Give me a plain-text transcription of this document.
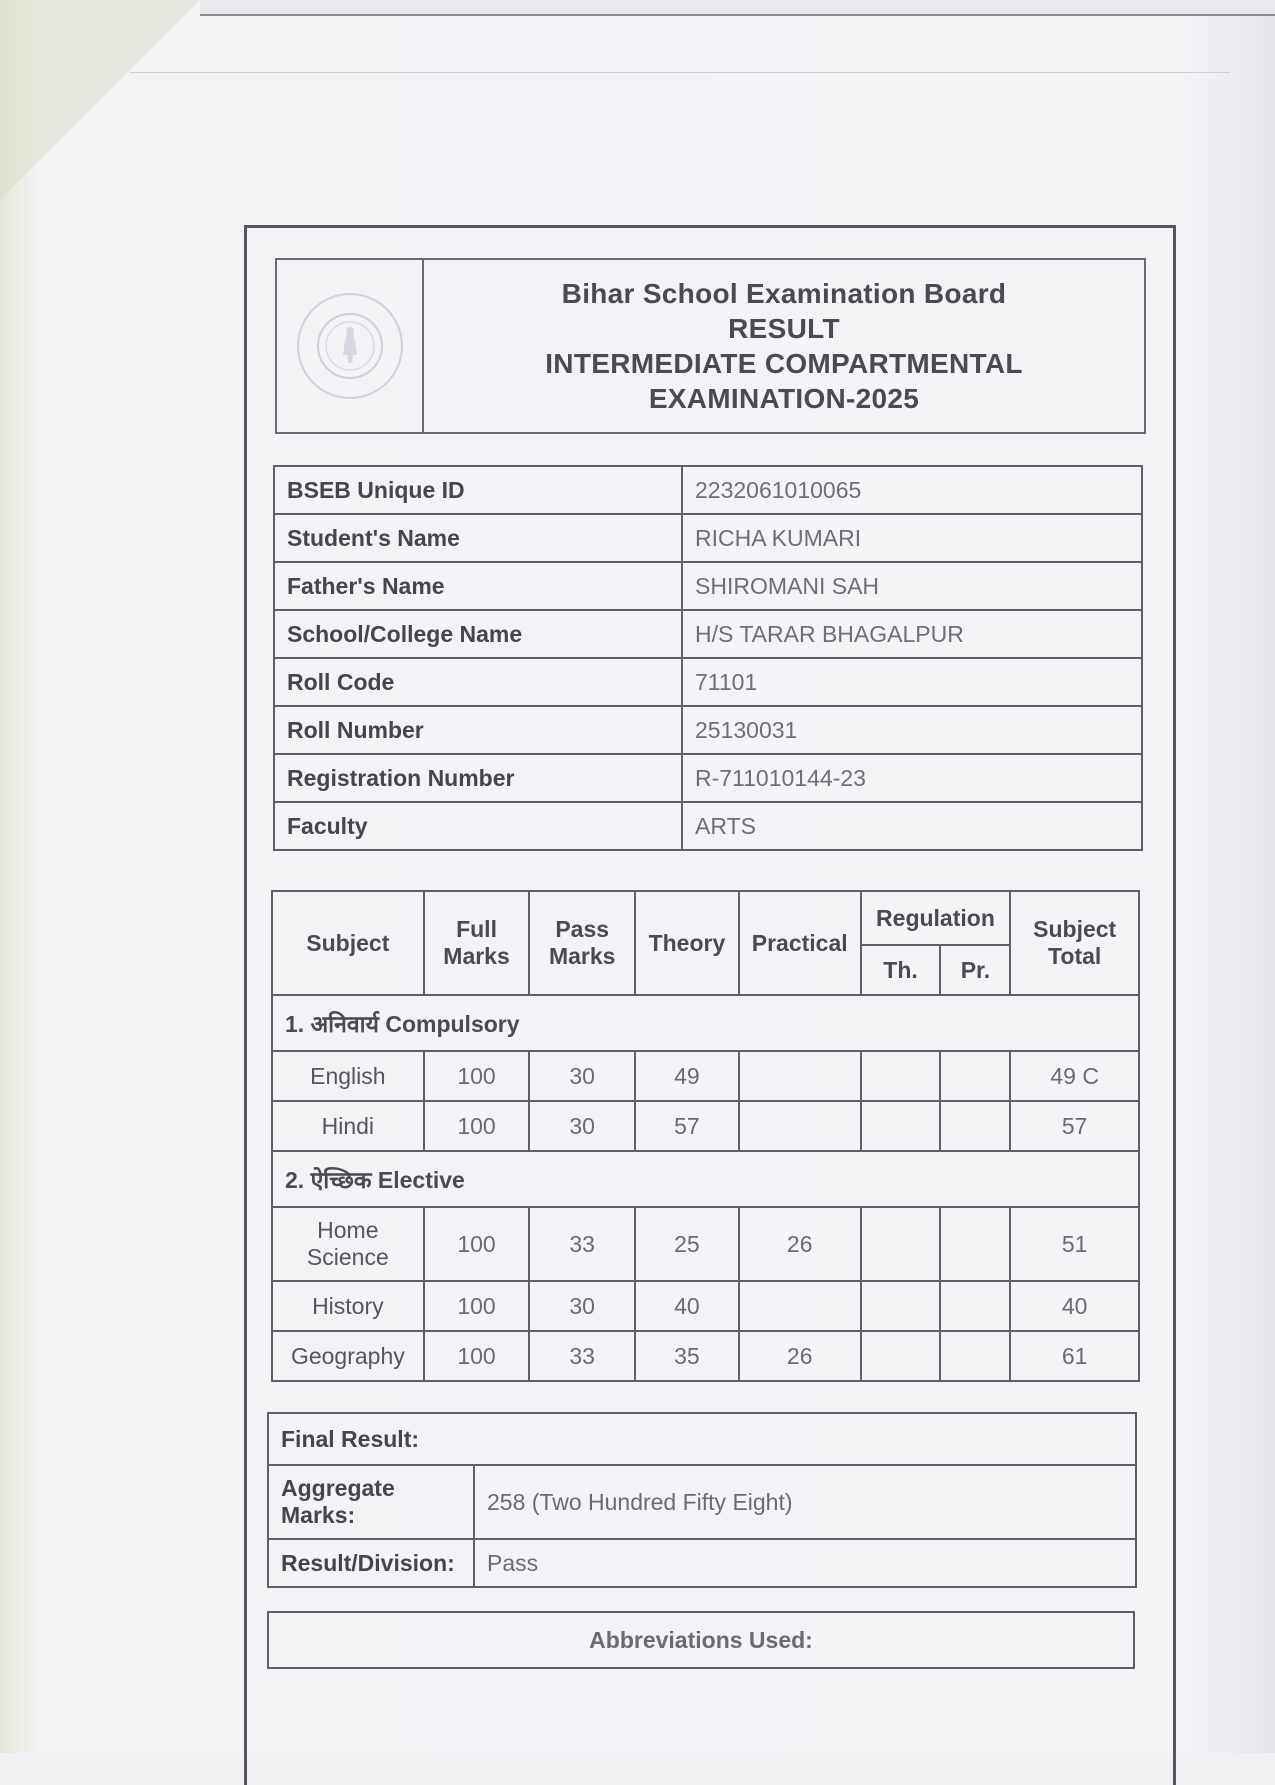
Bihar School Examination Board
RESULT
INTERMEDIATE COMPARTMENTAL
EXAMINATION-2025
BSEB Unique ID	2232061010065
Student's Name	RICHA KUMARI
Father's Name	SHIROMANI SAH
School/College Name	H/S TARAR BHAGALPUR
Roll Code	71101
Roll Number	25130031
Registration Number	R-711010144-23
Faculty	ARTS
Subject	Full Marks	Pass Marks	Theory	Practical	Regulation		Subject Total
					Th.	Pr.	
1. अनिवार्य Compulsory							
English	100	30	49				49 C
Hindi	100	30	57				57
2. ऐच्छिक Elective							
Home Science	100	33	25	26			51
History	100	30	40				40
Geography	100	33	35	26			61
Final Result:	
Aggregate Marks:	258 (Two Hundred Fifty Eight)
Result/Division:	Pass
Abbreviations Used:
